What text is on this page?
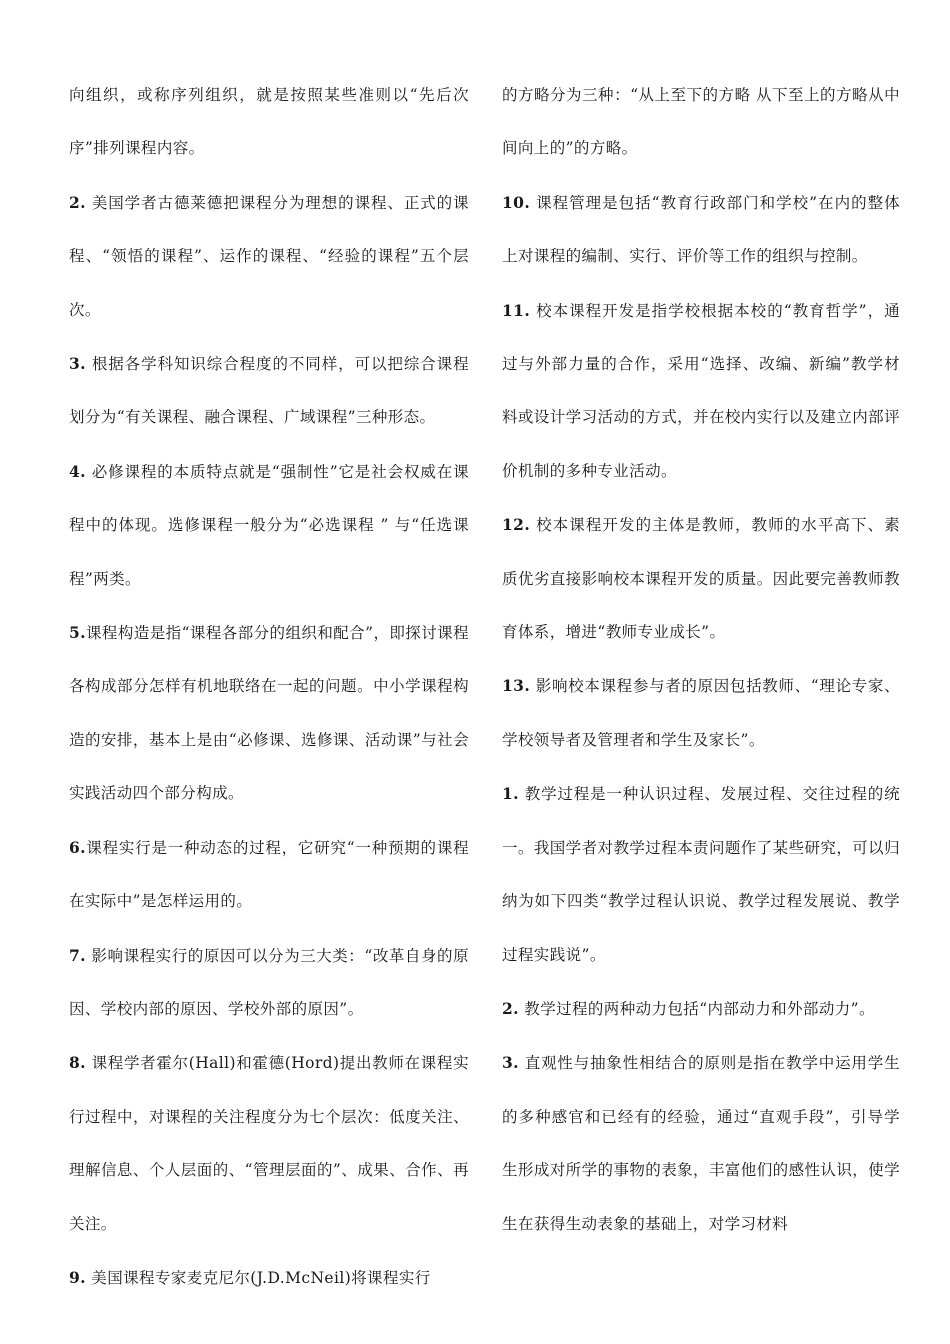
向组织，或称序列组织，就是按照某些准则以“先后次序”排列课程内容。

2. 美国学者古德莱德把课程分为理想的课程、正式的课程、“领悟的课程”、运作的课程、“经验的课程”五个层次。

3. 根据各学科知识综合程度的不同样，可以把综合课程划分为“有关课程、融合课程、广域课程”三种形态。

4. 必修课程的本质特点就是“强制性”它是社会权威在课程中的体现。选修课程一般分为“必选课程 ” 与“任选课程”两类。

5.课程构造是指“课程各部分的组织和配合”，即探讨课程各构成部分怎样有机地联络在一起的问题。中小学课程构造的安排，基本上是由“必修课、选修课、活动课”与社会实践活动四个部分构成。

6.课程实行是一种动态的过程，它研究“一种预期的课程在实际中”是怎样运用的。

7. 影响课程实行的原因可以分为三大类：“改革自身的原因、学校内部的原因、学校外部的原因”。

8. 课程学者霍尔(Hall)和霍德(Hord)提出教师在课程实行过程中，对课程的关注程度分为七个层次：低度关注、理解信息、个人层面的、“管理层面的”、成果、合作、再关注。

9. 美国课程专家麦克尼尔(J.D.McNeil)将课程实行

的方略分为三种：“从上至下的方略 从下至上的方略从中间向上的”的方略。

10. 课程管理是包括“教育行政部门和学校”在内的整体上对课程的编制、实行、评价等工作的组织与控制。

11. 校本课程开发是指学校根据本校的“教育哲学”，通过与外部力量的合作，采用“选择、改编、新编”教学材料或设计学习活动的方式，并在校内实行以及建立内部评价机制的多种专业活动。

12. 校本课程开发的主体是教师，教师的水平高下、素质优劣直接影响校本课程开发的质量。因此要完善教师教育体系，增进“教师专业成长”。

13. 影响校本课程参与者的原因包括教师、“理论专家、学校领导者及管理者和学生及家长”。

1. 教学过程是一种认识过程、发展过程、交往过程的统一。我国学者对教学过程本责问题作了某些研究，可以归纳为如下四类“教学过程认识说、教学过程发展说、教学过程实践说”。

2. 教学过程的两种动力包括“内部动力和外部动力”。

3. 直观性与抽象性相结合的原则是指在教学中运用学生的多种感官和已经有的经验，通过“直观手段”，引导学生形成对所学的事物的表象，丰富他们的感性认识，使学生在获得生动表象的基础上，对学习材料
